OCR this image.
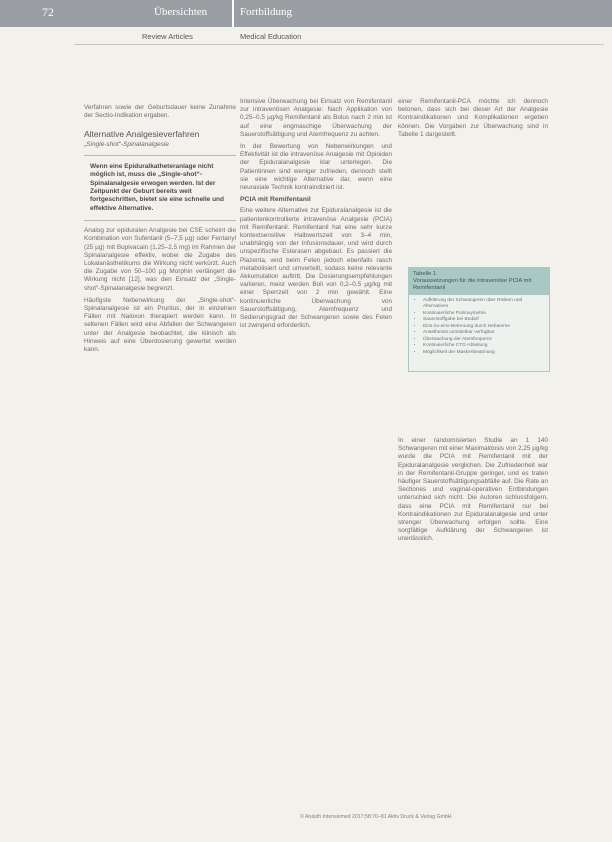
72	Übersichten	Fortbildung
Review Articles	Medical Education

Verfahren sowie der Geburtsdauer keine Zunahme der Sectio-Indikation ergaben.

Alternative Analgesieverfahren
„Single-shot“-Spinalanalgesie
Wenn eine Epiduralkatheteranlage nicht möglich ist, muss die „Single-shot“-Spinalanalgesie erwogen werden. Ist der Zeitpunkt der Geburt bereits weit fortgeschritten, bietet sie eine schnelle und effektive Alternative.

Analog zur epiduralen Analgesie bei CSE scheint die Kombination von Sufentanil (5–7,5 µg) oder Fentanyl (25 µg) mit Bupivacain (1,25–2,5 mg) im Rahmen der Spinalanalgesie effektiv, wobei die Zugabe des Lokalanästhetikums die Wirkung nicht verkürzt. Auch die Zugabe von 50–100 µg Morphin verlängert die Wirkung nicht [12], was den Einsatz der „Single-shot“-Spinalanalgesie begrenzt.

Häufigste Nebenwirkung der „Single-shot“-Spinalanalgesie ist ein Pruritus, der in einzelnen Fällen mit Naloxon therapiert werden kann. In seltenen Fällen wird eine Abfallen der Schwangeren unter der Analgesie beobachtet, die klinisch als Hinweis auf eine Überdosierung gewertet werden kann.

Intensive Überwachung bei Einsatz von Remifentanil zur intravenösen Analgesie: Nach Applikation von 0,25–0,5 µg/kg Remifentanil als Bolus nach 2 min ist auf eine engmaschige Überwachung der Sauerstoffsättigung und Atemfrequenz zu achten.

In der Bewertung von Nebenwirkungen und Effektivität ist die intravenöse Analgesie mit Opioiden der Epiduralanalgesie klar unterlegen. Die Patientinnen sind weniger zufrieden, dennoch stellt sie eine wichtige Alternative dar, wenn eine neuraxiale Technik kontraindiziert ist.

PCIA mit Remifentanil

Eine weitere Alternative zur Epiduralanalgesie ist die patientenkontrollierte intravenöse Analgesie (PCIA) mit Remifentanil. Remifentanil hat eine sehr kurze kontextsensitive Halbwertszeit von 3–4 min, unabhängig von der Infusionsdauer, und wird durch unspezifische Esterasen abgebaut. Es passiert die Plazenta, wird beim Feten jedoch ebenfalls rasch metabolisiert und umverteilt, sodass keine relevante Akkumulation auftritt. Die Dosierungsempfehlungen variieren, meist werden Boli von 0,2–0,5 µg/kg mit einer Sperrzeit von 2 min gewählt. Eine kontinuierliche Überwachung von Sauerstoffsättigung, Atemfrequenz und Sedierungsgrad der Schwangeren sowie des Feten ist zwingend erforderlich.

einer Remifentanil-PCA möchte ich dennoch betonen, dass sich bei dieser Art der Analgesie Kontraindikationen und Komplikationen ergeben können. Die Vorgaben zur Überwachung sind in Tabelle 1 dargestellt.

Tabelle 1
Voraussetzungen für die intravenöse PCIA mit Remifentanil
• Aufklärung der Schwangeren über Risiken und Alternativen
• Kontinuierliche Pulsoxymetrie
• Sauerstoffgabe bei Bedarf
• Eins-zu-eins-Betreuung durch Hebamme
• Anästhesist unmittelbar verfügbar
• Überwachung der Atemfrequenz
• Kontinuierliche CTG-Ableitung
• Möglichkeit der Maskenbeatmung

In einer randomisierten Studie an 1 140 Schwangeren mit einer Maximaldosis von 2,25 µg/kg wurde die PCIA mit Remifentanil mit der Epiduralanalgesie verglichen. Die Zufriedenheit war in der Remifentanil-Gruppe geringer, und es traten häufiger Sauerstoffsättigungsabfälle auf. Die Rate an Sectiones und vaginal-operativen Entbindungen unterschied sich nicht. Die Autoren schlussfolgern, dass eine PCIA mit Remifentanil nur bei Kontraindikationen zur Epiduralanalgesie und unter strenger Überwachung erfolgen sollte. Eine sorgfältige Aufklärung der Schwangeren ist unerlässlich.

© Anästh Intensivmed 2017;58:70–81 Aktiv Druck & Verlag GmbH
